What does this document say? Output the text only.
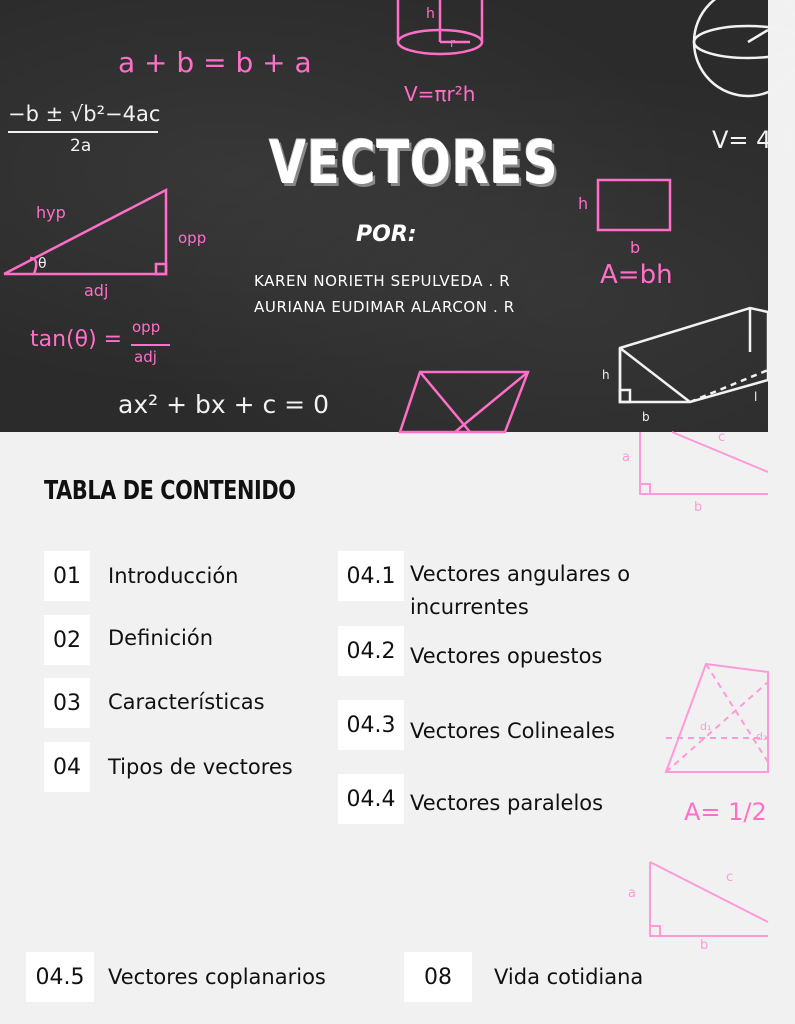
a + b = b + a
−b ± √b²−4ac
2a
V=πr²h
h
r
V= 4/3
hyp
opp
adj
θ
h
b
A=bh
tan(θ) = opp
adj
ax² + bx + c = 0
h
b
l
VECTORES
POR:
KAREN NORIETH SEPULVEDA . R
AURIANA EUDIMAR ALARCON . R
a
b
c
d₁
d₂
A= 1/2
a
b
c
TABLA DE CONTENIDO
01	Introducción
02	Definición
03	Características
04	Tipos de vectores
04.1 Vectores angulares o incurrentes
04.2 Vectores opuestos
04.3 Vectores Colineales
04.4 Vectores paralelos
04.5	Vectores coplanarios	08	Vida cotidiana
